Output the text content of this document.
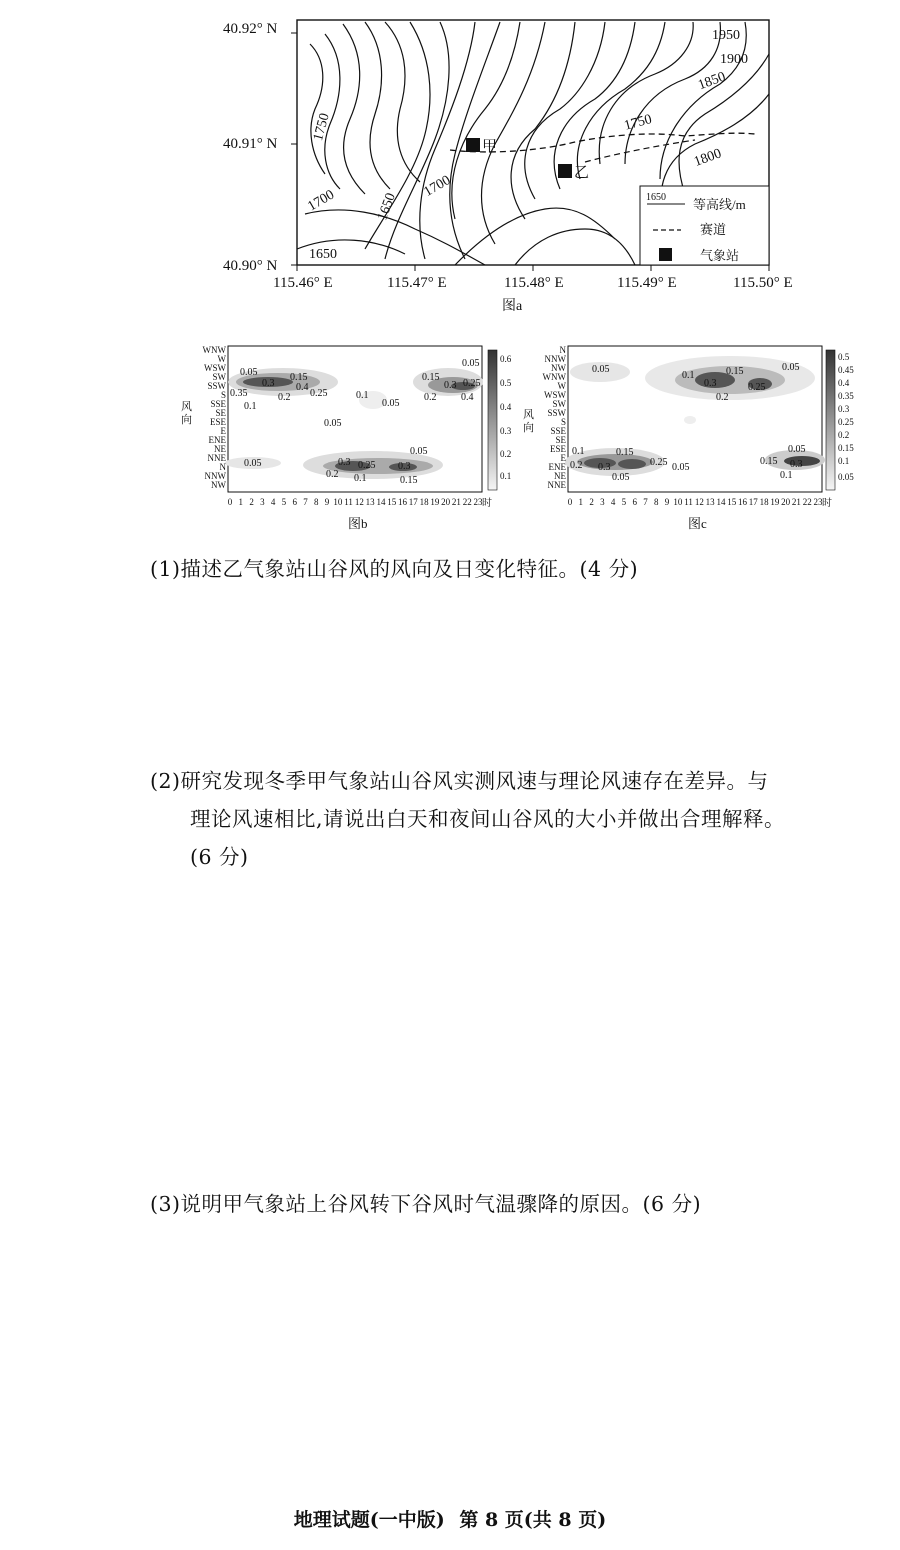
甲
乙
1950
1900
1850
1750
1800
1750
1700
1650
1700
1650
1650 等高线/m
赛道
气象站
40.92° N
40.91° N
40.90° N
115.46° E	115.47° E	115.48° E	115.49° E	115.50° E
图a
风
向
0.05
0.3
0.15
0.35	0.2
0.4
0.25
0.1
0.1
0.05
0.05
0.15
0.3 0.25
0.2 0.4
0.05
0.05
0.3 0.25 0.3
0.2 0.1	0.15
0.05
WNW
W
WSW
SW
SSW
S
SSE
SE
ESE
E
ENE
NE
NNE
N
NNW
NW
0 1 2 3 4 5 6 7 8 9 10 11 12 13 14 15 16 17 18 19 20 21 22 23 时
0.6
0.5
0.4
0.3
0.2
0.1
图b
风
向
0.05
0.1	0.15	0.05
0.3
0.2
0.25
0.1	0.15
0.2	0.25
0.3
0.05
0.05
0.15
0.05
0.3
0.1
N
NNW
NW
WNW
W
WSW
SW
SSW
S
SSE
SE
ESE
E
ENE
NE
NNE
0 1 2 3 4 5 6 7 8 9 10 11 12 13 14 15 16 17 18 19 20 21 22 23 时
0.5
0.45
0.4
0.35
0.3
0.25
0.2
0.15
0.1
0.05
图c
(1)描述乙气象站山谷风的风向及日变化特征。(4 分)
(2)研究发现冬季甲气象站山谷风实测风速与理论风速存在差异。与
理论风速相比,请说出白天和夜间山谷风的大小并做出合理解释。
(6 分)
(3)说明甲气象站上谷风转下谷风时气温骤降的原因。(6 分)
地理试题(一中版) 第 8 页(共 8 页)
